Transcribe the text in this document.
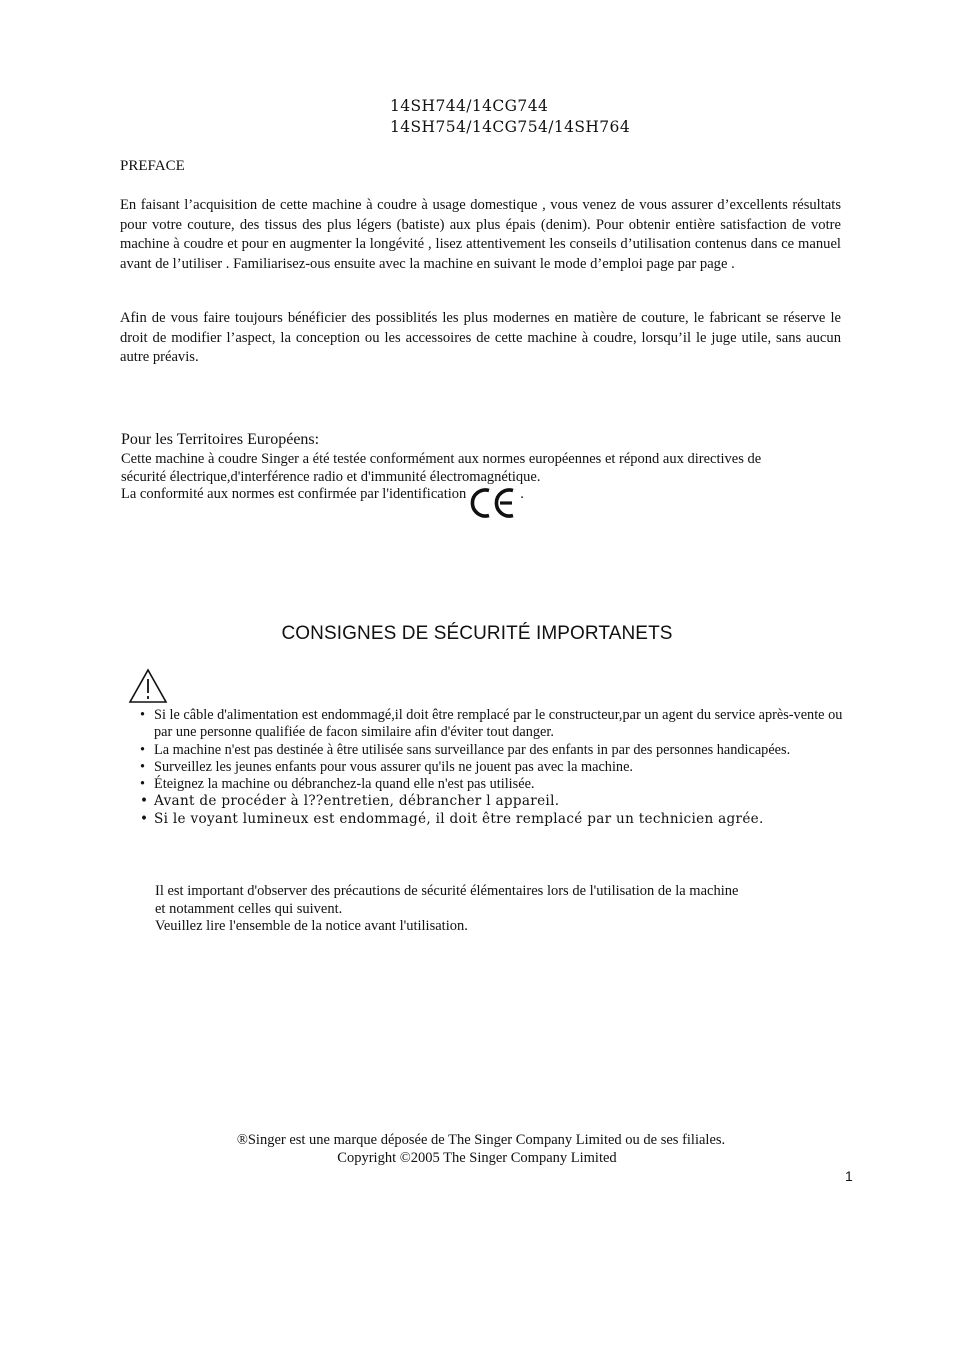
14SH744/14CG744
14SH754/14CG754/14SH764
PREFACE
En faisant l’acquisition de cette machine à coudre à usage domestique , vous venez de vous assurer d’excellents résultats pour votre couture, des tissus des plus légers (batiste) aux plus épais (denim). Pour obtenir entière satisfaction de votre machine à coudre et pour en augmenter la longévité , lisez attentivement les conseils d’utilisation contenus dans ce manuel avant de l’utiliser . Familiarisez-ous ensuite avec la machine en suivant le mode d’emploi page par page .
Afin de vous faire toujours bénéficier des possiblités les plus modernes en matière de couture, le fabricant se réserve le droit de modifier l’aspect, la conception ou les accessoires de cette machine à coudre, lorsqu’il le juge utile, sans aucun autre préavis.
Pour les Territoires Européens:
Cette machine à coudre Singer a été testée conformément aux normes européennes et répond aux directives de
sécurité électrique,d'interférence radio et d'immunité électromagnétique.
La conformité aux normes est confirmée par l'identification	.
CONSIGNES DE SÉCURITÉ IMPORTANETS
• Si le câble d'alimentation est endommagé,il doit être remplacé par le constructeur,par un agent du service après-vente ou par une personne qualifiée de facon similaire afin d'éviter tout danger.
• La machine n'est pas destinée à être utilisée sans surveillance par des enfants in par des personnes handicapées.
• Surveillez les jeunes enfants pour vous assurer qu'ils ne jouent pas avec la machine.
• Éteignez la machine ou débranchez-la quand elle n'est pas utilisée.
• Avant de procéder à l??entretien, débrancher l appareil.
• Si le voyant lumineux est endommagé, il doit être remplacé par un technicien agrée.
Il est important d'observer des précautions de sécurité élémentaires lors de l'utilisation de la machine
et notamment celles qui suivent.
Veuillez lire l'ensemble de la notice avant l'utilisation.
®Singer est une marque déposée de The Singer Company Limited ou de ses filiales.
Copyright ©2005 The Singer Company Limited
1
